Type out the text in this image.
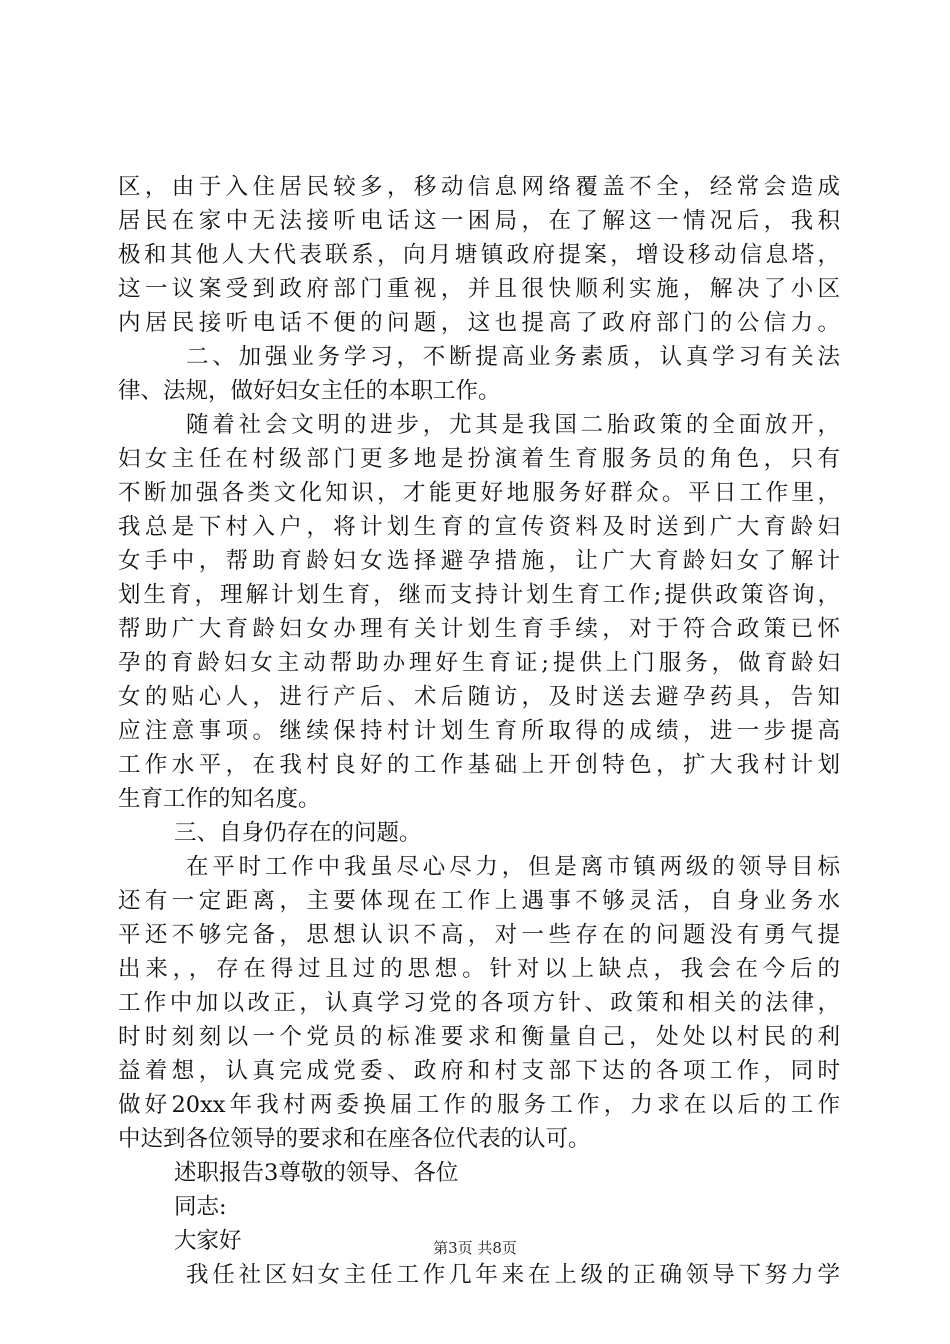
区，由于入住居民较多，移动信息网络覆盖不全，经常会造成
居民在家中无法接听电话这一困局，在了解这一情况后，我积
极和其他人大代表联系，向月塘镇政府提案，增设移动信息塔，
这一议案受到政府部门重视，并且很快顺利实施，解决了小区
内居民接听电话不便的问题，这也提高了政府部门的公信力。
二、加强业务学习，不断提高业务素质，认真学习有关法
律、法规，做好妇女主任的本职工作。
随着社会文明的进步，尤其是我国二胎政策的全面放开，
妇女主任在村级部门更多地是扮演着生育服务员的角色，只有
不断加强各类文化知识，才能更好地服务好群众。平日工作里，
我总是下村入户，将计划生育的宣传资料及时送到广大育龄妇
女手中，帮助育龄妇女选择避孕措施，让广大育龄妇女了解计
划生育，理解计划生育，继而支持计划生育工作;提供政策咨询，
帮助广大育龄妇女办理有关计划生育手续，对于符合政策已怀
孕的育龄妇女主动帮助办理好生育证;提供上门服务，做育龄妇
女的贴心人，进行产后、术后随访，及时送去避孕药具，告知
应注意事项。继续保持村计划生育所取得的成绩，进一步提高
工作水平，在我村良好的工作基础上开创特色，扩大我村计划
生育工作的知名度。
三、自身仍存在的问题。
在平时工作中我虽尽心尽力，但是离市镇两级的领导目标
还有一定距离，主要体现在工作上遇事不够灵活，自身业务水
平还不够完备，思想认识不高，对一些存在的问题没有勇气提
出来，，存在得过且过的思想。针对以上缺点，我会在今后的
工作中加以改正，认真学习党的各项方针、政策和相关的法律，
时时刻刻以一个党员的标准要求和衡量自己，处处以村民的利
益着想，认真完成党委、政府和村支部下达的各项工作，同时
做好20xx年我村两委换届工作的服务工作，力求在以后的工作
中达到各位领导的要求和在座各位代表的认可。
述职报告3尊敬的领导、各位
同志:
大家好
我任社区妇女主任工作几年来在上级的正确领导下努力学
第3页 共8页
